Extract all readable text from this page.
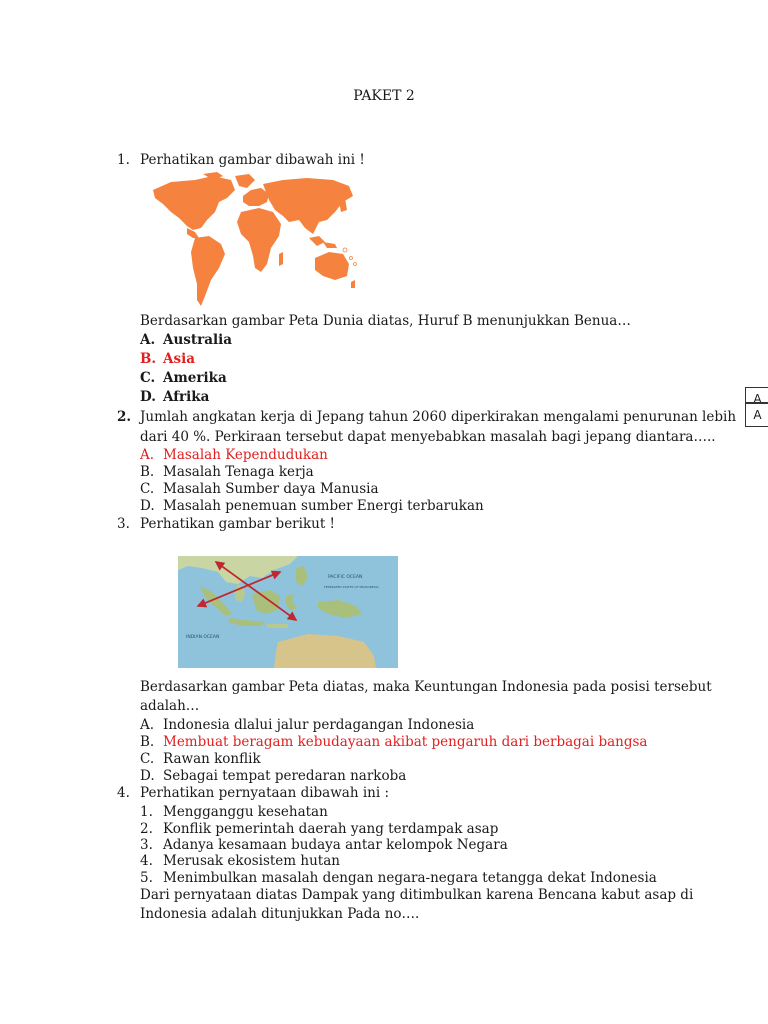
PAKET 2
1. Perhatikan gambar dibawah ini !
Berdasarkan gambar Peta Dunia diatas, Huruf B menunjukkan Benua…
A. Australia
B. Asia
C. Amerika
D. Afrika
2. Jumlah angkatan kerja di Jepang tahun 2060 diperkirakan mengalami penurunan lebih
dari 40 %. Perkiraan tersebut dapat menyebabkan masalah bagi jepang diantara…..
A. Masalah Kependudukan
B. Masalah Tenaga kerja
C. Masalah Sumber daya Manusia
D. Masalah penemuan sumber Energi terbarukan
3. Perhatikan gambar berikut !
PACIFIC OCEAN
INDIAN OCEAN
FEDERATED STATES OF MICRONESIA
Berdasarkan gambar Peta diatas, maka Keuntungan Indonesia pada posisi tersebut
adalah…
A. Indonesia dlalui jalur perdagangan Indonesia
B. Membuat beragam kebudayaan akibat pengaruh dari berbagai bangsa
C. Rawan konflik
D. Sebagai tempat peredaran narkoba
4. Perhatikan pernyataan dibawah ini :
1. Mengganggu kesehatan
2. Konflik pemerintah daerah yang terdampak asap
3. Adanya kesamaan budaya antar kelompok Negara
4. Merusak ekosistem hutan
5. Menimbulkan masalah dengan negara-negara tetangga dekat Indonesia
Dari pernyataan diatas Dampak yang ditimbulkan karena Bencana kabut asap di
Indonesia adalah ditunjukkan Pada no….
A
A
